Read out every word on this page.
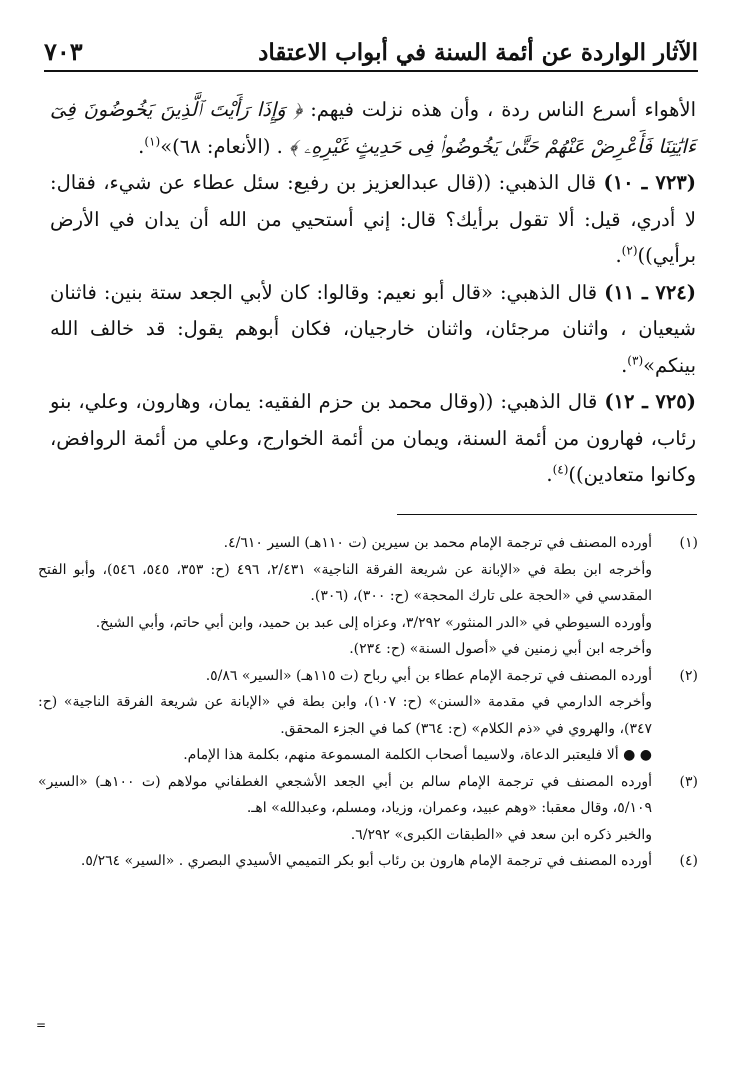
الآثار الواردة عن أئمة السنة في أبواب الاعتقاد
٧٠٣

الأهواء أسرع الناس ردة ، وأن هذه نزلت فيهم: ﴿ وَإِذَا رَأَيْتَ ٱلَّذِينَ يَخُوضُونَ فِىٓ ءَايَٰتِنَا فَأَعْرِضْ عَنْهُمْ حَتَّىٰ يَخُوضُوا۟ فِى حَدِيثٍ غَيْرِهِۦ ﴾ . (الأنعام: ٦٨)»$^{(١)}$.

(٧٢٣ ـ ١٠) قال الذهبي: ((قال عبدالعزيز بن رفيع: سئل عطاء عن شيء، فقال: لا أدري، قيل: ألا تقول برأيك؟ قال: إني أستحيي من الله أن يدان في الأرض برأيي))$^{(٢)}$.

(٧٢٤ ـ ١١) قال الذهبي: «قال أبو نعيم: وقالوا: كان لأبي الجعد ستة بنين: فاثنان شيعيان ، واثنان مرجئان، واثنان خارجيان، فكان أبوهم يقول: قد خالف الله بينكم»$^{(٣)}$.

(٧٢٥ ـ ١٢) قال الذهبي: ((وقال محمد بن حزم الفقيه: يمان، وهارون، وعلي، بنو رئاب، فهارون من أئمة السنة، ويمان من أئمة الخوارج، وعلي من أئمة الروافض، وكانوا متعادين))$^{(٤)}$.

(١)
أورده المصنف في ترجمة الإمام محمد بن سيرين (ت ١١٠هـ) السير ٤/٦١٠.
وأخرجه ابن بطة في «الإبانة عن شريعة الفرقة الناجية» ٢/٤٣١، ٤٩٦ (ح: ٣٥٣، ٥٤٥، ٥٤٦)، وأبو الفتح المقدسي في «الحجة على تارك المحجة» (ح: ٣٠٠)، (٣٠٦).
وأورده السيوطي في «الدر المنثور» ٣/٢٩٢، وعزاه إلى عبد بن حميد، وابن أبي حاتم، وأبي الشيخ.
وأخرجه ابن أبي زمنين في «أصول السنة» (ح: ٢٣٤).
(٢)
أورده المصنف في ترجمة الإمام عطاء بن أبي رباح (ت ١١٥هـ) «السير» ٥/٨٦.
وأخرجه الدارمي في مقدمة «السنن» (ح: ١٠٧)، وابن بطة في «الإبانة عن شريعة الفرقة الناجية» (ح: ٣٤٧)، والهروي في «ذم الكلام» (ح: ٣٦٤) كما في الجزء المحقق.
● ● ألا فليعتبر الدعاة، ولاسيما أصحاب الكلمة المسموعة منهم، بكلمة هذا الإمام.
(٣)
أورده المصنف في ترجمة الإمام سالم بن أبي الجعد الأشجعي الغطفاني مولاهم (ت ١٠٠هـ) «السير» ٥/١٠٩، وقال معقبا: «وهم عبيد، وعمران، وزياد، ومسلم، وعبدالله» اهـ.
والخبر ذكره ابن سعد في «الطبقات الكبرى» ٦/٢٩٢.
(٤)
أورده المصنف في ترجمة الإمام هارون بن رئاب أبو بكر التميمي الأسيدي البصري . «السير» ٥/٢٦٤.
=
